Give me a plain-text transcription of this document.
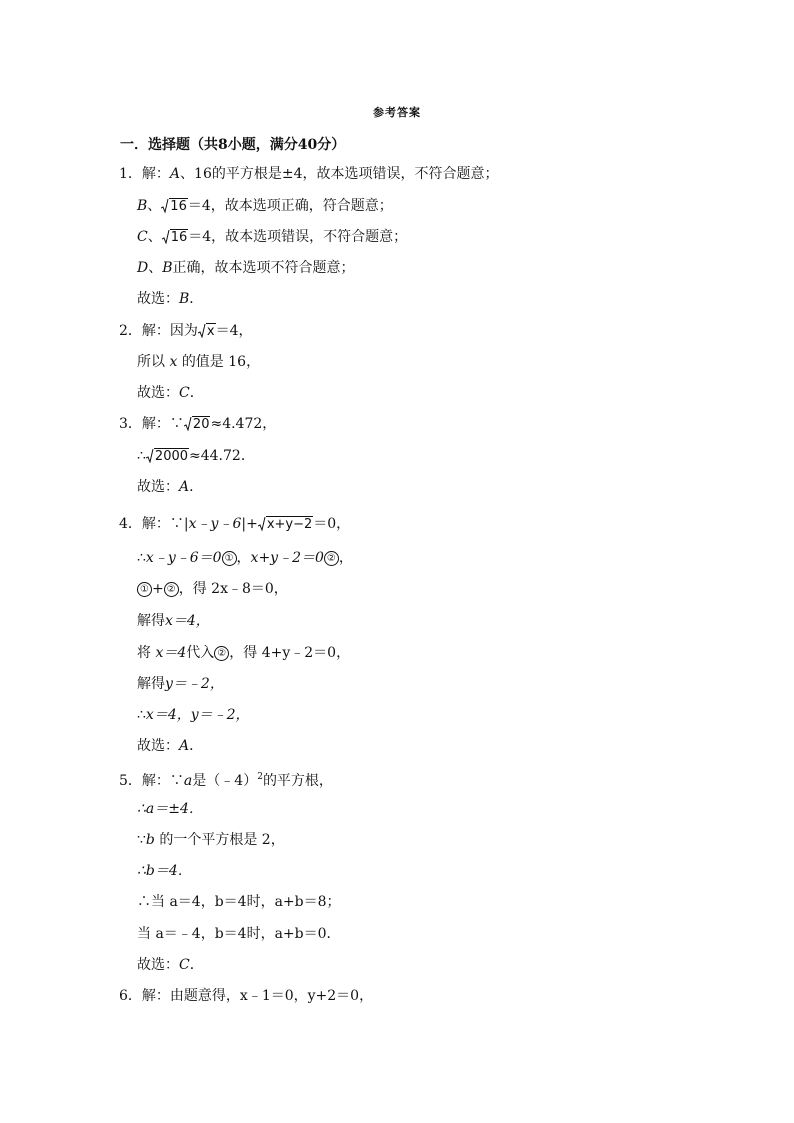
参考答案
一．选择题（共8小题，满分40分）
1．解：A、16的平方根是±4，故本选项错误，不符合题意；
B、 16＝4，故本选项正确，符合题意；
C、 16＝4，故本选项错误，不符合题意；
D、B正确，故本选项不符合题意；
故选：B．
2．解：因为 x＝4，
所以 x 的值是 16，
故选：C．
3．解：∵ 20≈4.472，
∴ 2000≈44.72．
故选：A．
4．解：∵|x﹣y﹣6|+ x+y−2＝0，
∴x﹣y﹣6＝0 ① ，x+y﹣2＝0 ② ，
① + ② ，得 2x﹣8＝0，
解得x＝4，
将 x＝4代入 ② ，得 4+y﹣2＝0，
解得y＝﹣2，
∴x＝4，y＝﹣2，
故选：A．
5．解：∵a是（﹣4）$^2$的平方根，
∴a＝±4．
∵b 的一个平方根是 2，
∴b＝4．
∴当 a＝4，b＝4时，a+b＝8；
当 a＝﹣4，b＝4时，a+b＝0．
故选：C．
6．解：由题意得，x﹣1＝0，y+2＝0，
